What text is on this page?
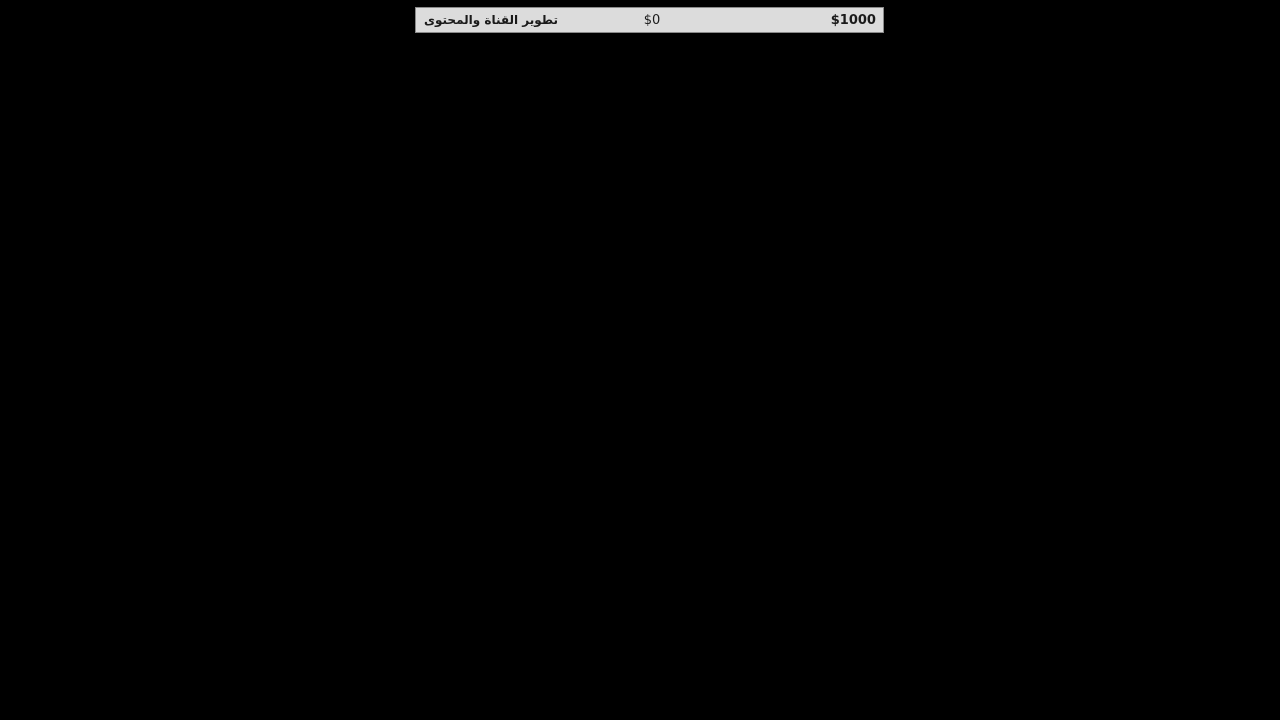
تطوير القناة والمحتوى	$0	$1000
